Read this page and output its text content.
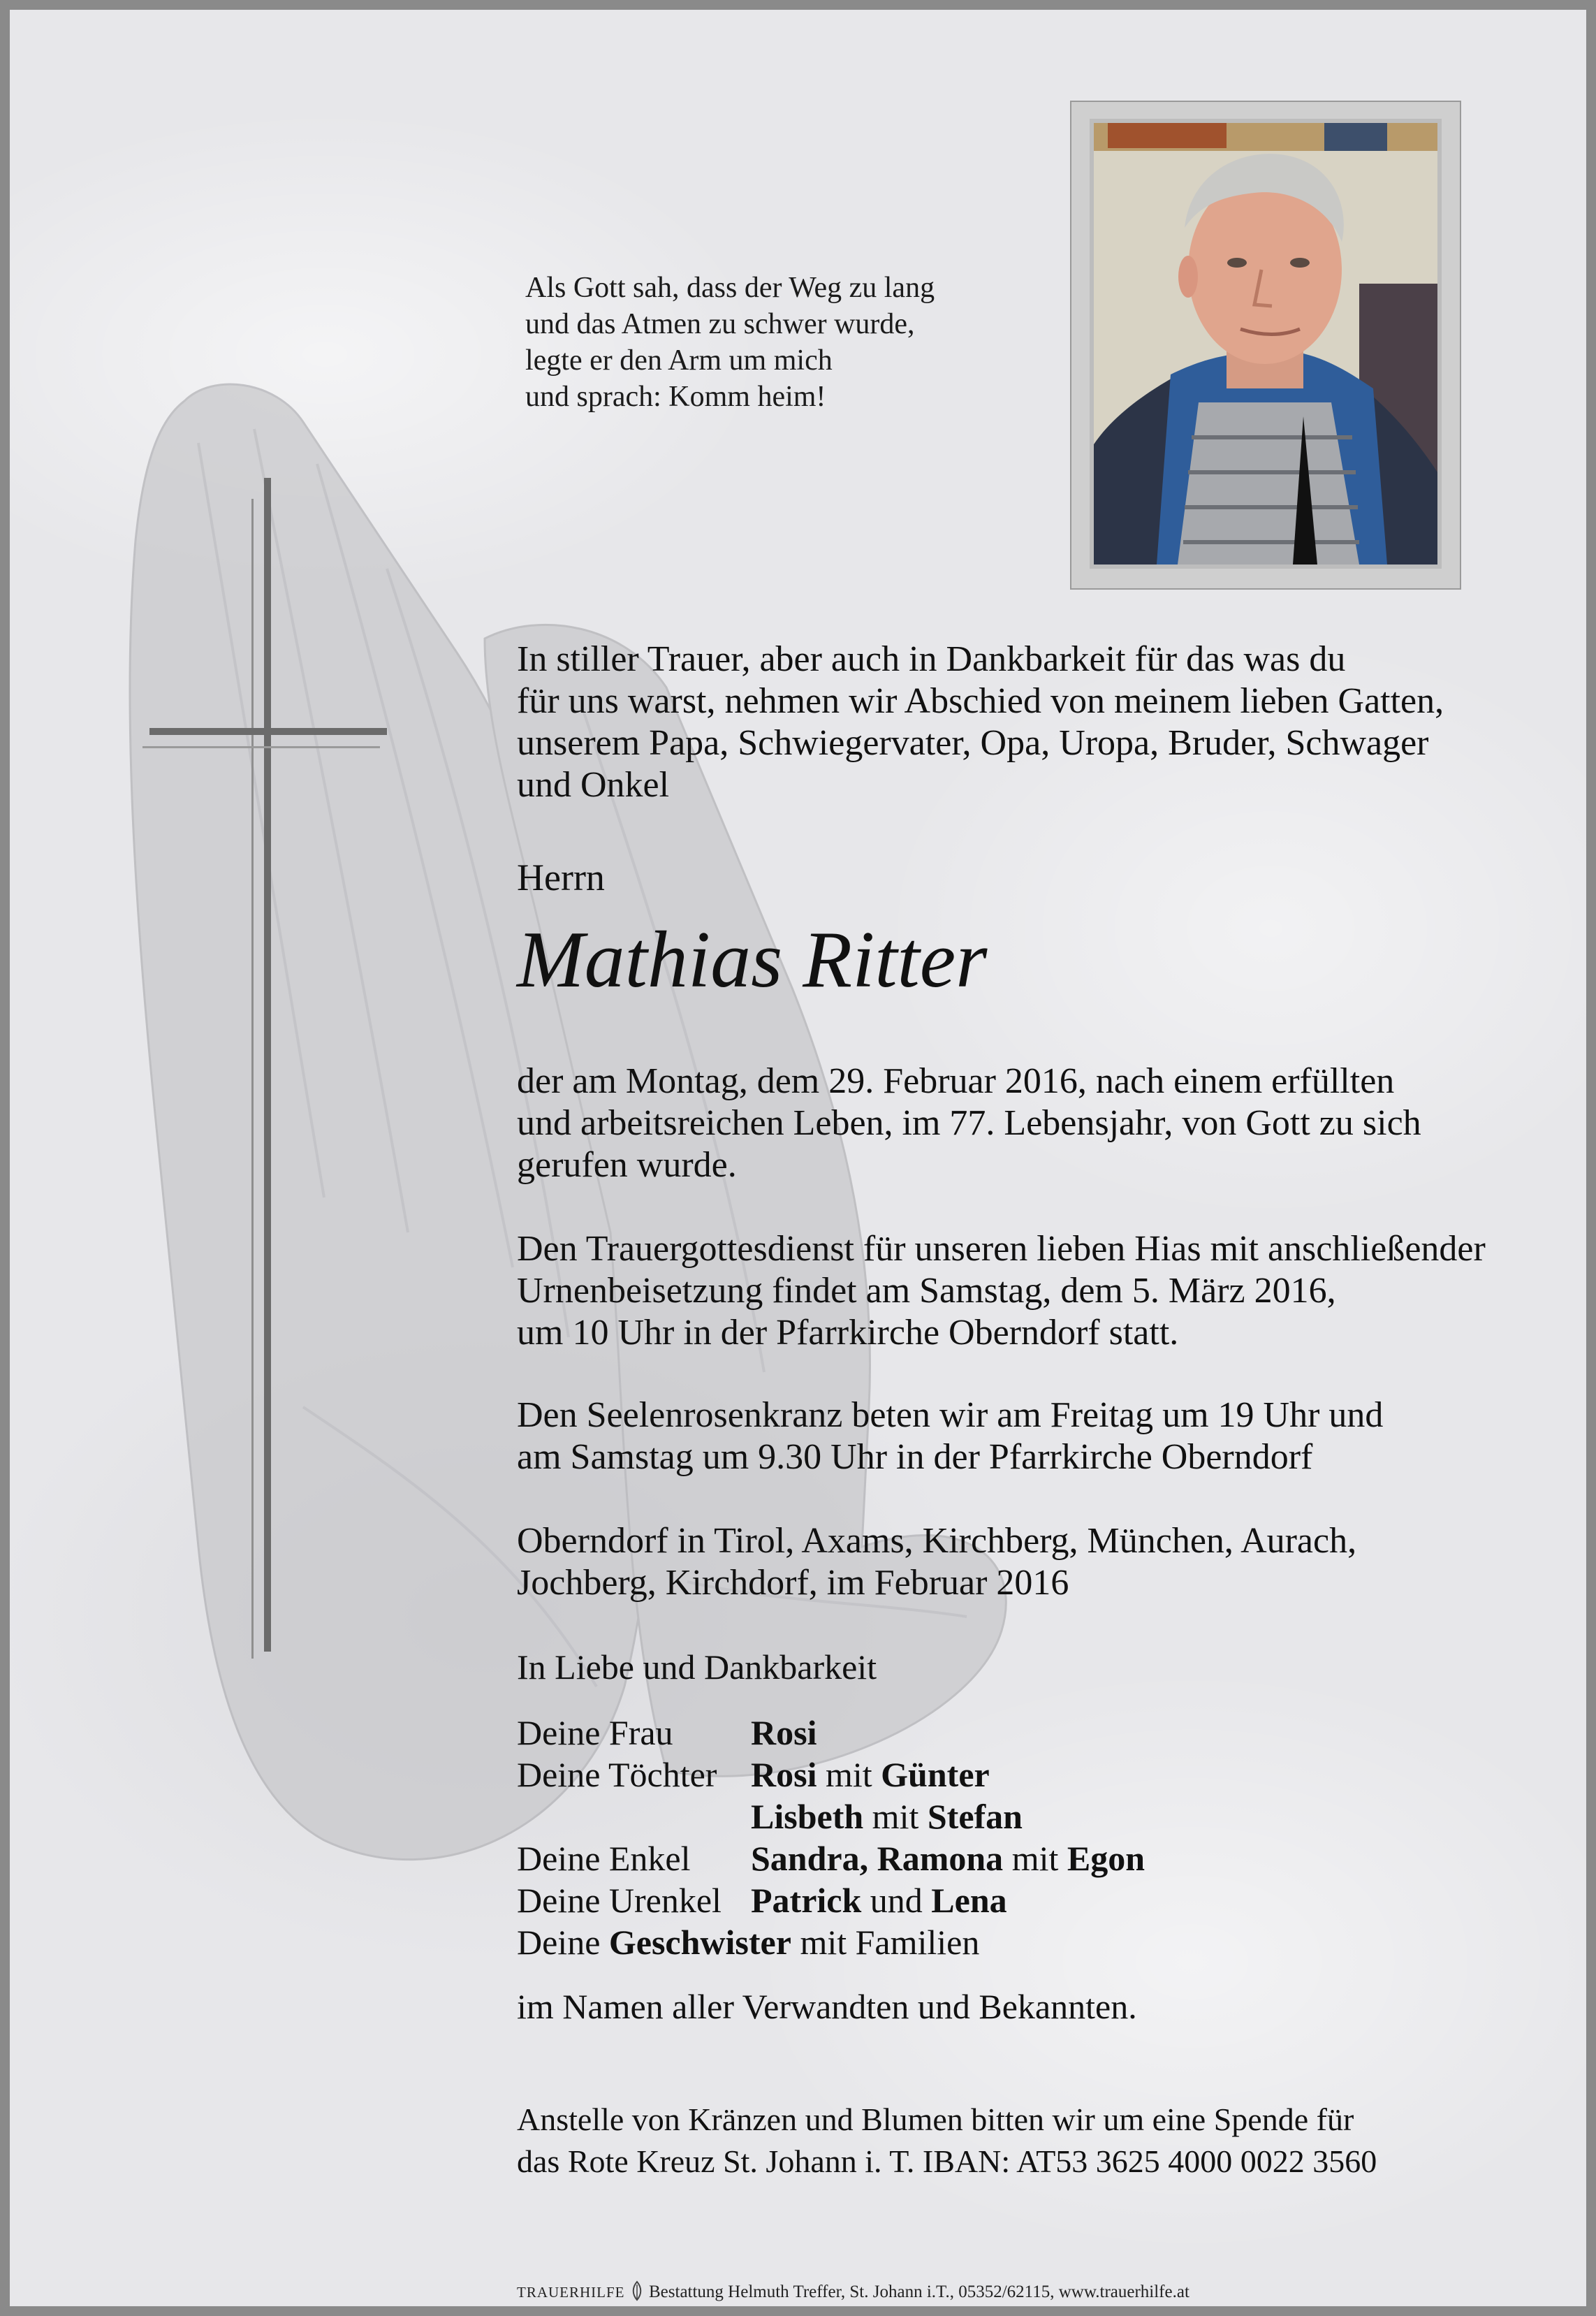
Als Gott sah, dass der Weg zu lang
und das Atmen zu schwer wurde,
legte er den Arm um mich
und sprach: Komm heim!
In stiller Trauer, aber auch in Dankbarkeit für das was du
für uns warst, nehmen wir Abschied von meinem lieben Gatten,
unserem Papa, Schwiegervater, Opa, Uropa, Bruder, Schwager
und Onkel
Herrn
Mathias Ritter
der am Montag, dem 29. Februar 2016, nach einem erfüllten
und arbeitsreichen Leben, im 77. Lebensjahr, von Gott zu sich
gerufen wurde.
Den Trauergottesdienst für unseren lieben Hias mit anschließender
Urnenbeisetzung findet am Samstag, dem 5. März 2016,
um 10 Uhr in der Pfarrkirche Oberndorf statt.
Den Seelenrosenkranz beten wir am Freitag um 19 Uhr und
am Samstag um 9.30 Uhr in der Pfarrkirche Oberndorf
Oberndorf in Tirol, Axams, Kirchberg, München, Aurach,
Jochberg, Kirchdorf, im Februar 2016
In Liebe und Dankbarkeit
Deine Frau Rosi
Deine Töchter Rosi mit Günter
Lisbeth mit Stefan
Deine Enkel Sandra, Ramona mit Egon
Deine Urenkel Patrick und Lena
Deine Geschwister mit Familien
im Namen aller Verwandten und Bekannten.
Anstelle von Kränzen und Blumen bitten wir um eine Spende für
das Rote Kreuz St. Johann i. T. IBAN: AT53 3625 4000 0022 3560
TRAUERHILFE Bestattung Helmuth Treffer, St. Johann i.T., 05352/62115, www.trauerhilfe.at
